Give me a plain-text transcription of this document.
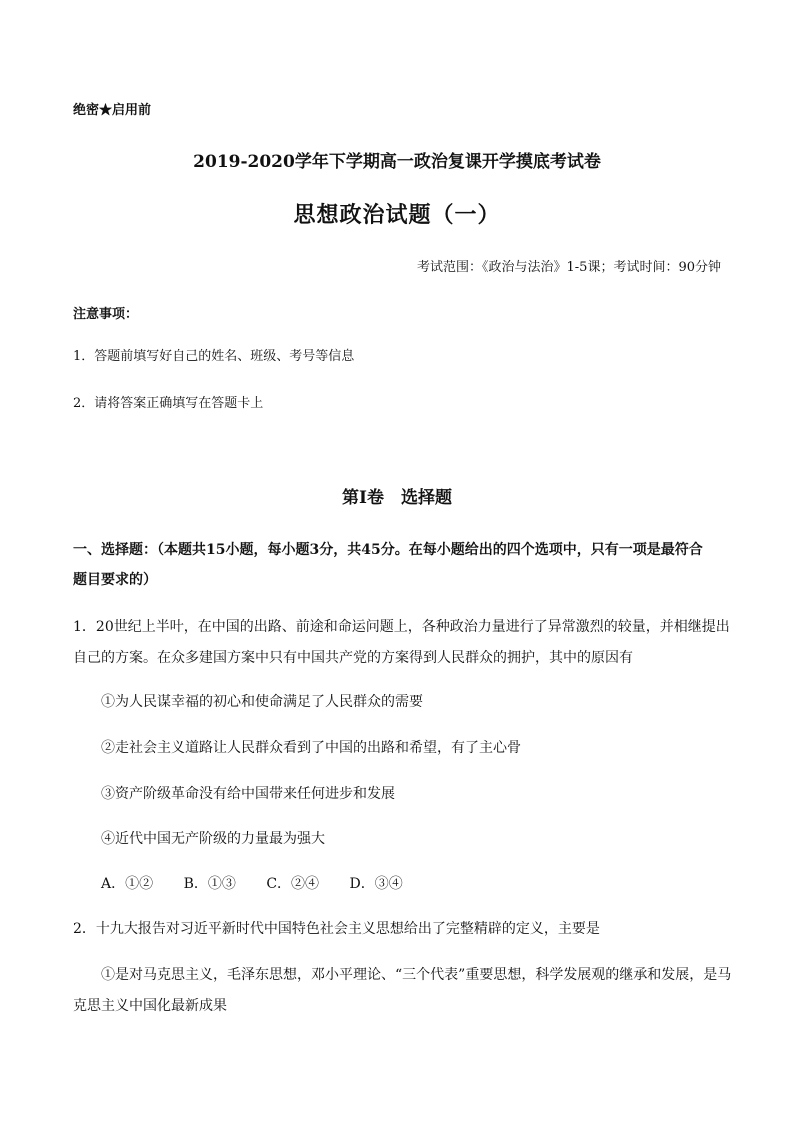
绝密★启用前
2019-2020学年下学期高一政治复课开学摸底考试卷
思想政治试题（一）
考试范围：《政治与法治》1-5课；考试时间：90分钟
注意事项：
1．答题前填写好自己的姓名、班级、考号等信息
2．请将答案正确填写在答题卡上
第I卷　选择题
一、选择题：（本题共15小题，每小题3分，共45分。在每小题给出的四个选项中，只有一项是最符合
题目要求的）
1．20世纪上半叶，在中国的出路、前途和命运问题上，各种政治力量进行了异常激烈的较量，并相继提出
自己的方案。在众多建国方案中只有中国共产党的方案得到人民群众的拥护，其中的原因有
①为人民谋幸福的初心和使命满足了人民群众的需要
②走社会主义道路让人民群众看到了中国的出路和希望，有了主心骨
③资产阶级革命没有给中国带来任何进步和发展
④近代中国无产阶级的力量最为强大
A．①② B．①③ C．②④ D．③④
2．十九大报告对习近平新时代中国特色社会主义思想给出了完整精辟的定义，主要是
①是对马克思主义，毛泽东思想，邓小平理论、“三个代表”重要思想，科学发展观的继承和发展，是马
克思主义中国化最新成果
